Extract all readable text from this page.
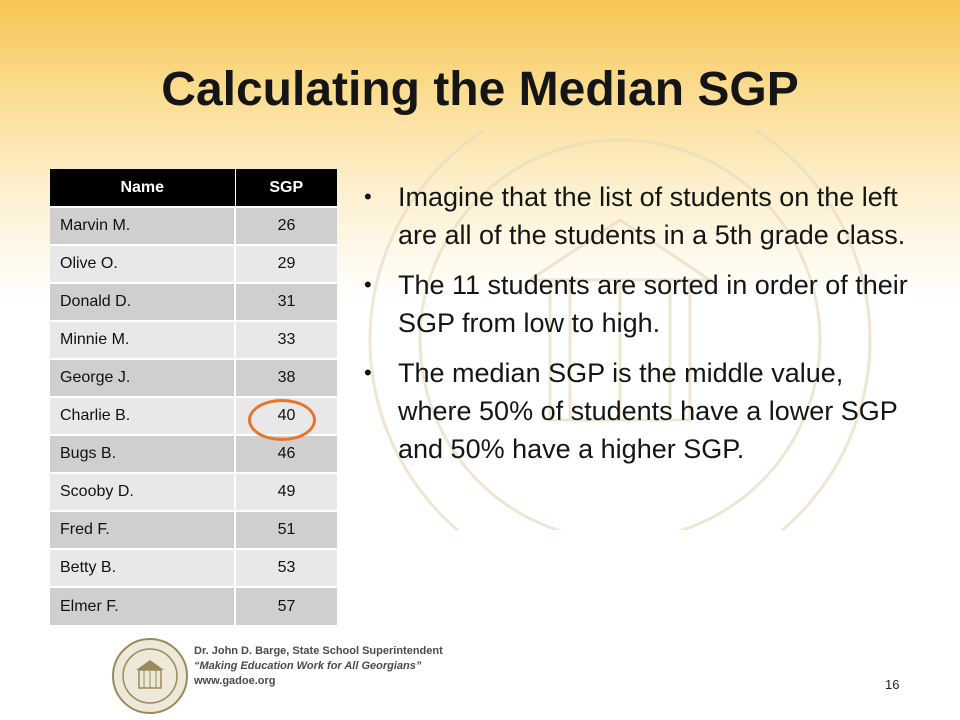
Calculating the Median SGP
Name	SGP
Marvin M.	26
Olive O.	29
Donald D.	31
Minnie M.	33
George J.	38
Charlie B.	40
Bugs B.	46
Scooby D.	49
Fred F.	51
Betty B.	53
Elmer F.	57
• Imagine that the list of students on the left are all of the students in a 5th grade class.
• The 11 students are sorted in order of their SGP from low to high.
• The median SGP is the middle value, where 50% of students have a lower SGP and 50% have a higher SGP.
Dr. John D. Barge, State School Superintendent
“Making Education Work for All Georgians”
www.gadoe.org	16
